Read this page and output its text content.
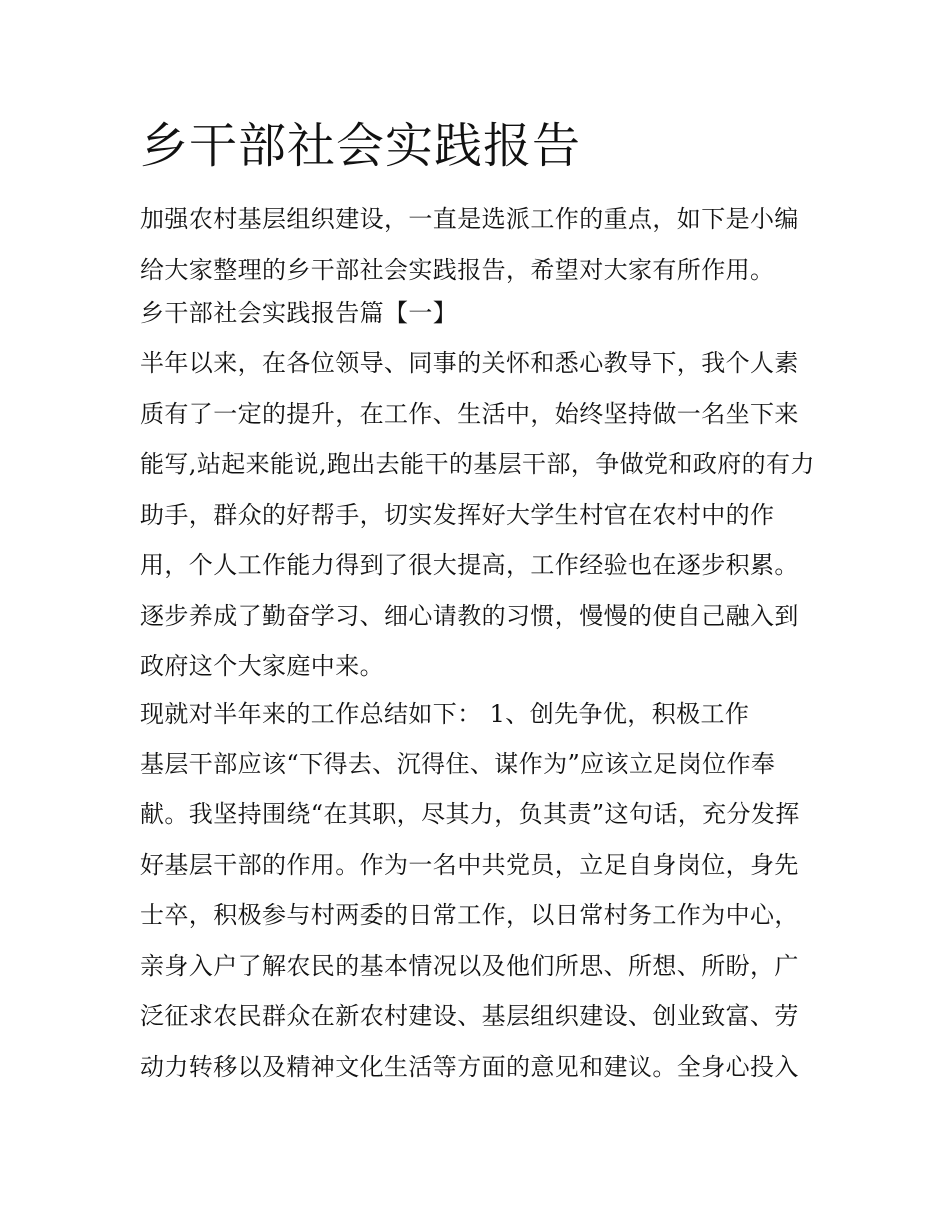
乡干部社会实践报告

加强农村基层组织建设，一直是选派工作的重点，如下是小编给大家整理的乡干部社会实践报告，希望对大家有所作用。

乡干部社会实践报告篇【一】

半年以来，在各位领导、同事的关怀和悉心教导下，我个人素质有了一定的提升，在工作、生活中，始终坚持做一名坐下来能写,站起来能说,跑出去能干的基层干部，争做党和政府的有力助手，群众的好帮手，切实发挥好大学生村官在农村中的作用，个人工作能力得到了很大提高，工作经验也在逐步积累。逐步养成了勤奋学习、细心请教的习惯，慢慢的使自己融入到政府这个大家庭中来。

现就对半年来的工作总结如下： 1、创先争优，积极工作

基层干部应该“下得去、沉得住、谋作为”应该立足岗位作奉献。我坚持围绕“在其职，尽其力，负其责”这句话，充分发挥好基层干部的作用。作为一名中共党员，立足自身岗位，身先士卒，积极参与村两委的日常工作，以日常村务工作为中心，亲身入户了解农民的基本情况以及他们所思、所想、所盼，广泛征求农民群众在新农村建设、基层组织建设、创业致富、劳动力转移以及精神文化生活等方面的意见和建议。全身心投入
